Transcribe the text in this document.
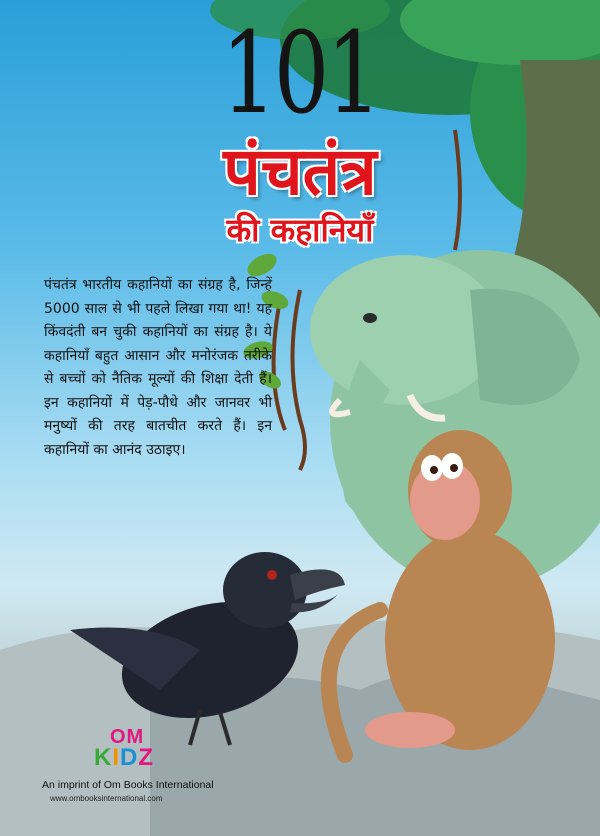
101
पंचतंत्र
की कहानियाँ

पंचतंत्र भारतीय कहानियों का संग्रह है, जिन्हें 5000 साल से भी पहले लिखा गया था! यह किंवदंती बन चुकी कहानियों का संग्रह है। ये कहानियाँ बहुत आसान और मनोरंजक तरीके से बच्चों को नैतिक मूल्यों की शिक्षा देती हैं। इन कहानियों में पेड़-पौधे और जानवर भी मनुष्यों की तरह बातचीत करते हैं। इन कहानियों का आनंद उठाइए।

OM
KIDZ
An imprint of Om Books International
www.ombooksinternational.com
